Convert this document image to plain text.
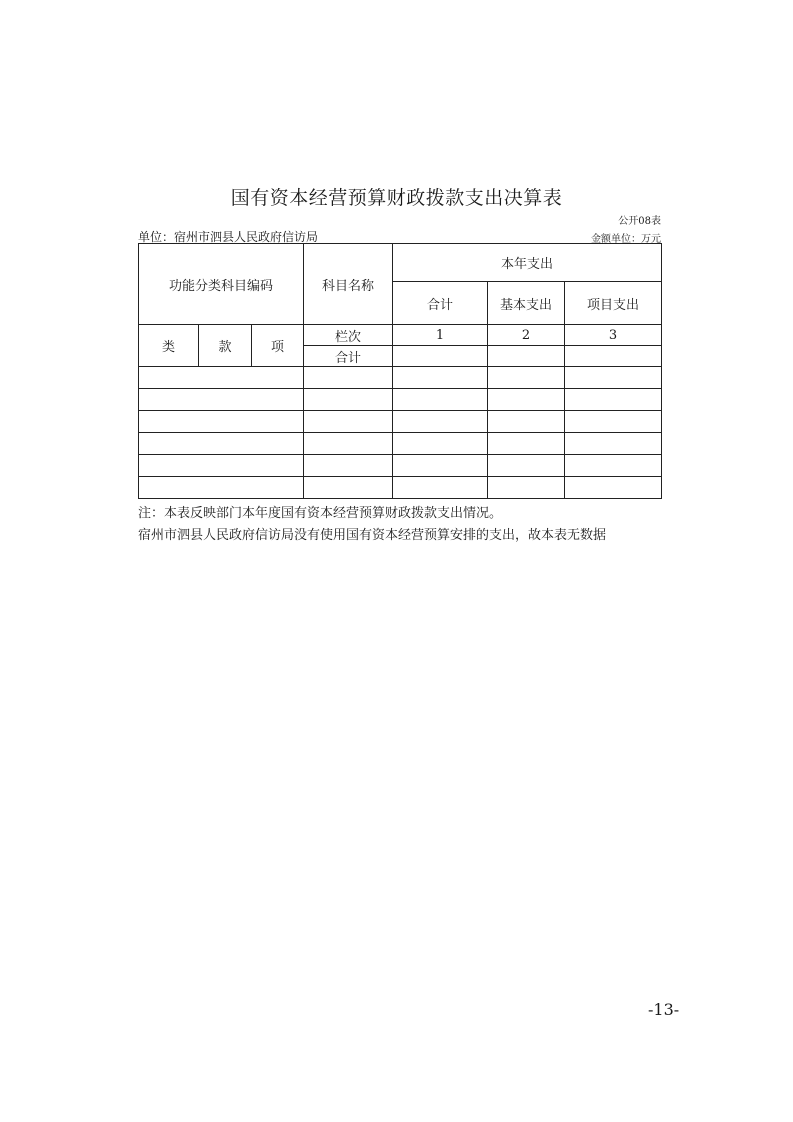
国有资本经营预算财政拨款支出决算表
公开08表
单位：宿州市泗县人民政府信访局	金额单位：万元
功能分类科目编码			科目名称	本年支出		
				合计	基本支出	项目支出
类	款	项	栏次	1	2	3
			合计			

注：本表反映部门本年度国有资本经营预算财政拨款支出情况。
宿州市泗县人民政府信访局没有使用国有资本经营预算安排的支出，故本表无数据
-13-
